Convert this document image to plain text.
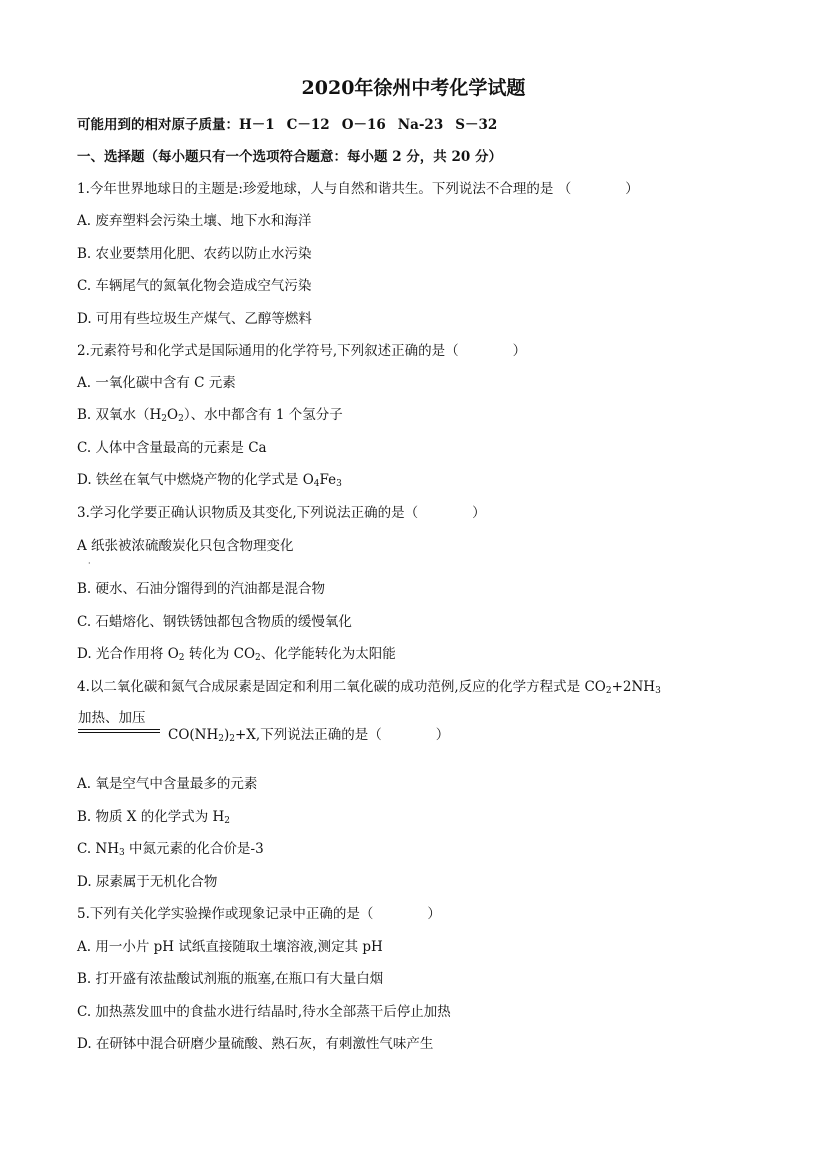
2020年徐州中考化学试题
可能用到的相对原子质量：H－1 C－12 O－16 Na-23 S－32
一、选择题（每小题只有一个选项符合题意：每小题 2 分，共 20 分）
1.今年世界地球日的主题是:珍爱地球，人与自然和谐共生。下列说法不合理的是 （	）
A. 废弃塑料会污染土壤、地下水和海洋
B. 农业要禁用化肥、农药以防止水污染
C. 车辆尾气的氮氧化物会造成空气污染
D. 可用有些垃圾生产煤气、乙醇等燃料
2.元素符号和化学式是国际通用的化学符号,下列叙述正确的是（	）
A. 一氧化碳中含有 C 元素
B. 双氧水$(H_2O_2)$、水中都含有 1 个氢分子
C. 人体中含量最高的元素是 Ca
D. 铁丝在氧气中燃烧产物的化学式是 $O_4Fe_3$
3.学习化学要正确认识物质及其变化,下列说法正确的是（	）
A 纸张被浓硫酸炭化只包含物理变化
·
B. 硬水、石油分馏得到的汽油都是混合物
C. 石蜡熔化、钢铁锈蚀都包含物质的缓慢氧化
D. 光合作用将 $O_2$ 转化为 $CO_2$、化学能转化为太阳能
4.以二氧化碳和氮气合成尿素是固定和利用二氧化碳的成功范例,反应的化学方程式是 $CO_2+2NH_3$
加热、加压
$CO(NH_2)_2+X$,下列说法正确的是（	）
A. 氧是空气中含量最多的元素
B. 物质 X 的化学式为 $H_2$
C. $NH_3$ 中氮元素的化合价是-3
D. 尿素属于无机化合物
5.下列有关化学实验操作或现象记录中正确的是（	）
A. 用一小片 pH 试纸直接随取土壤溶液,测定其 pH
B. 打开盛有浓盐酸试剂瓶的瓶塞,在瓶口有大量白烟
C. 加热蒸发皿中的食盐水进行结晶时,待水全部蒸干后停止加热
D. 在研钵中混合研磨少量硫酸、熟石灰，有刺激性气味产生
